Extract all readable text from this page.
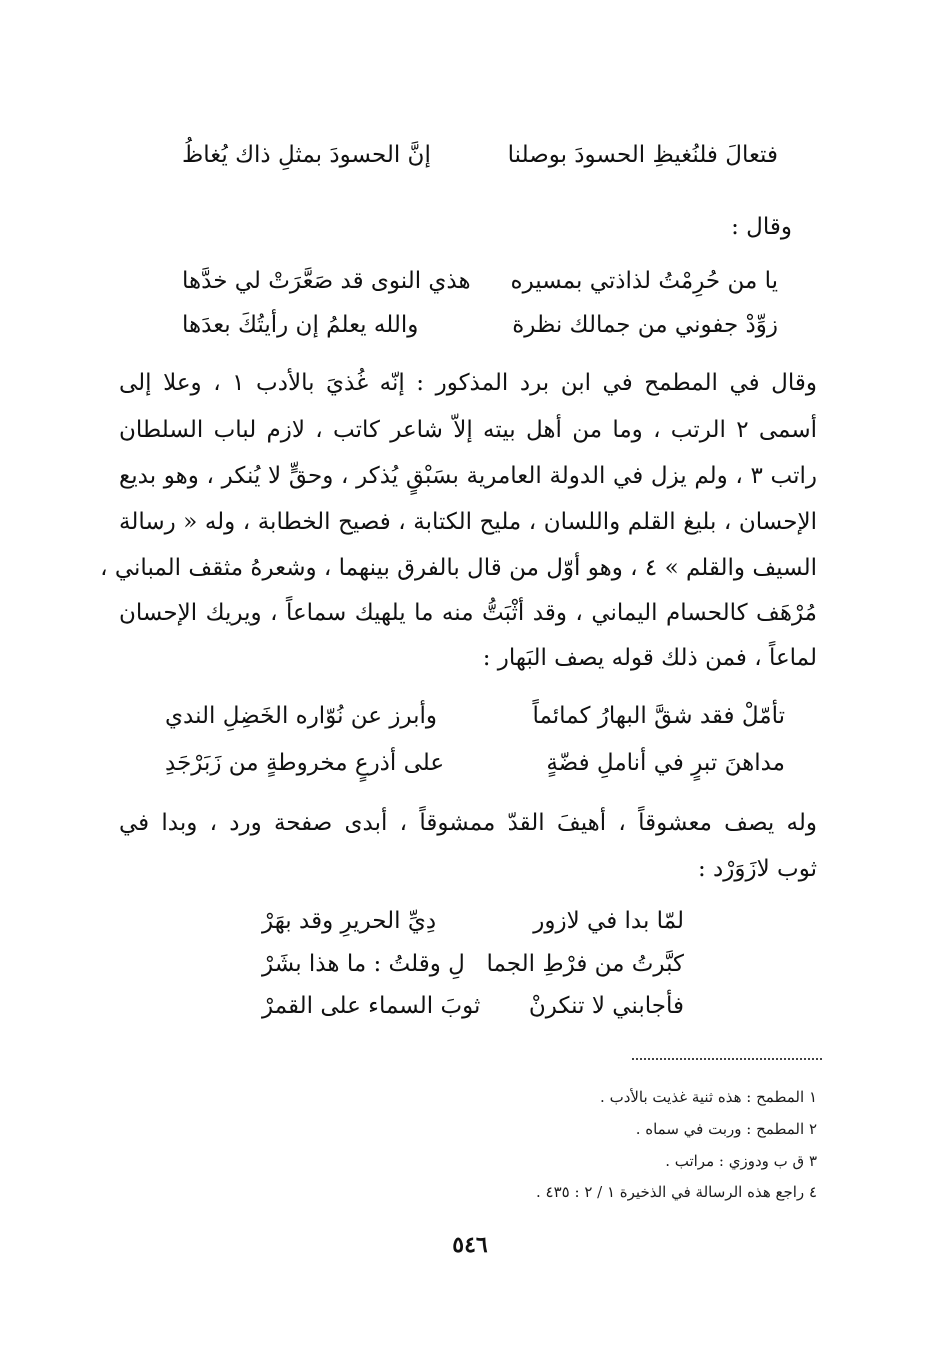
فتعالَ فلنُغيظِ الحسودَ بوصلنا
إنَّ الحسودَ بمثلِ ذاك يُغاظُ
وقال :
يا من حُرِمْتُ لذاذتي بمسيره
هذي النوى قد صَعَّرَتْ لي خدَّها
زوِّدْ جفوني من جمالك نظرة
والله يعلمُ إن رأيتُكَ بعدَها
وقال في المطمح في ابن برد المذكور : إنّه غُذيَ بالأدب ١ ، وعلا إلى
أسمى ٢ الرتب ، وما من أهل بيته إلاّ شاعر كاتب ، لازم لباب السلطان
راتب ٣ ، ولم يزل في الدولة العامرية بسَبْقٍ يُذكر ، وحقٍّ لا يُنكر ، وهو بديع
الإحسان ، بليغ القلم واللسان ، مليح الكتابة ، فصيح الخطابة ، وله « رسالة
السيف والقلم » ٤ ، وهو أوّل من قال بالفرق بينهما ، وشعرهُ مثقف المباني ،
مُرْهَف كالحسام اليماني ، وقد أثْبَتُّ منه ما يلهيك سماعاً ، ويريك الإحسان
لماعاً ، فمن ذلك قوله يصف البَهار :
تأمّلْ فقد شقَّ البهارُ كمائماً
وأبرز عن نُوّاره الخَضِلِ الندي
مداهنَ تبرٍ في أناملِ فضّةٍ
على أذرعٍ مخروطةٍ من زَبَرْجَدِ
وله يصف معشوقاً ، أهيفَ القدّ ممشوقاً ، أبدى صفحة ورد ، وبدا في
ثوب لازَوَرْد :
لمّا بدا في لازور
دِيِّ الحريرِ وقد بهَرْ
كبَّرتُ من فرْطِ الجما
لِ وقلتُ : ما هذا بشَرْ
فأجابني لا تنكرنْ
ثوبَ السماء على القمرْ
١ المطمح : هذه ثنية غذيت بالأدب .
٢ المطمح : وربت في سماه .
٣ ق ب ودوزي : مراتب .
٤ راجع هذه الرسالة في الذخيرة ١ / ٢ : ٤٣٥ .
٥٤٦
